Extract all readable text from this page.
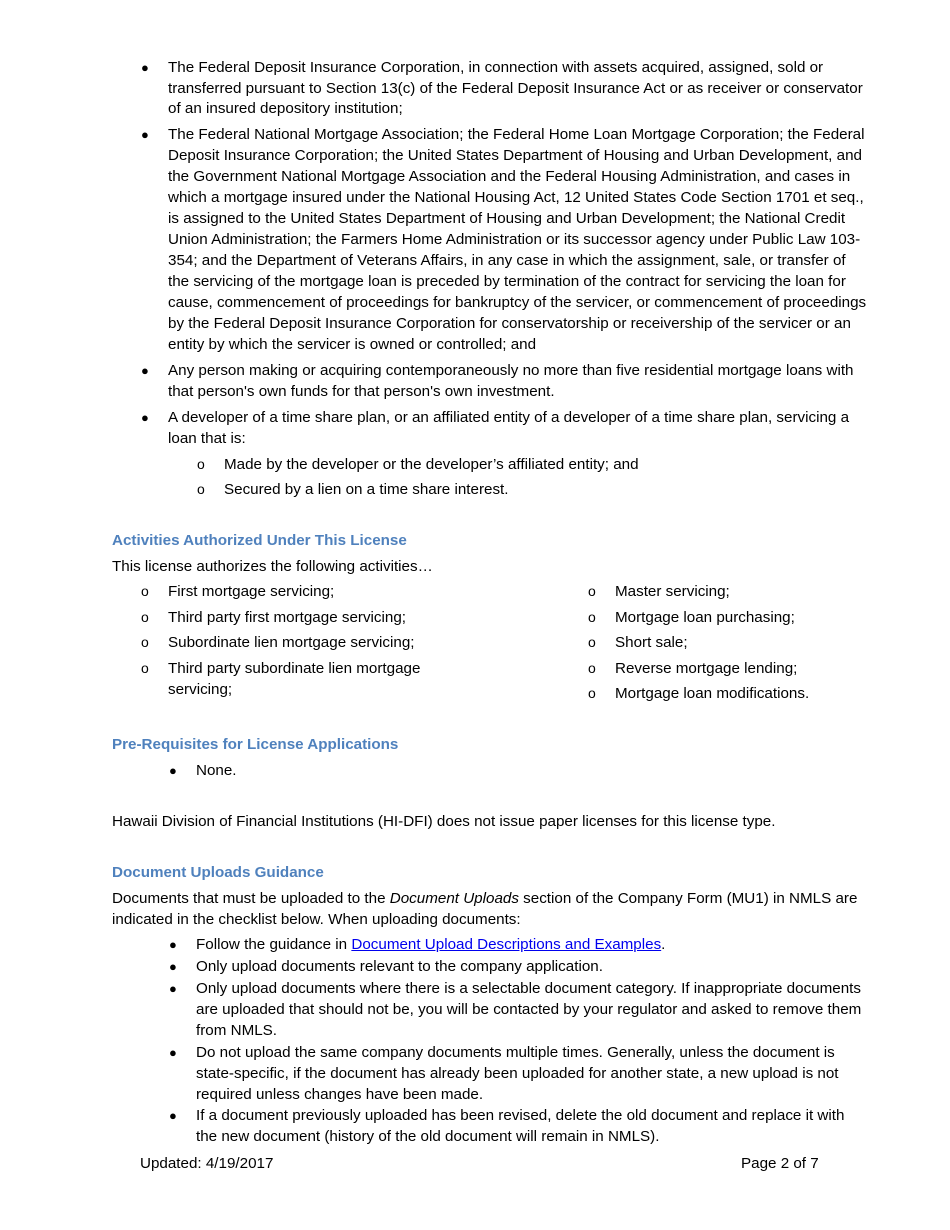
● The Federal Deposit Insurance Corporation, in connection with assets acquired, assigned, sold or
transferred pursuant to Section 13(c) of the Federal Deposit Insurance Act or as receiver or conservator
of an insured depository institution;
● The Federal National Mortgage Association; the Federal Home Loan Mortgage Corporation; the Federal
Deposit Insurance Corporation; the United States Department of Housing and Urban Development, and
the Government National Mortgage Association and the Federal Housing Administration, and cases in
which a mortgage insured under the National Housing Act, 12 United States Code Section 1701 et seq.,
is assigned to the United States Department of Housing and Urban Development; the National Credit
Union Administration; the Farmers Home Administration or its successor agency under Public Law 103-
354; and the Department of Veterans Affairs, in any case in which the assignment, sale, or transfer of
the servicing of the mortgage loan is preceded by termination of the contract for servicing the loan for
cause, commencement of proceedings for bankruptcy of the servicer, or commencement of proceedings
by the Federal Deposit Insurance Corporation for conservatorship or receivership of the servicer or an
entity by which the servicer is owned or controlled; and
● Any person making or acquiring contemporaneously no more than five residential mortgage loans with
that person's own funds for that person's own investment.
● A developer of a time share plan, or an affiliated entity of a developer of a time share plan, servicing a
loan that is:
o Made by the developer or the developer’s affiliated entity; and
o Secured by a lien on a time share interest.
Activities Authorized Under This License
This license authorizes the following activities…
o First mortgage servicing;
o Third party first mortgage servicing;
o Subordinate lien mortgage servicing;
o Third party subordinate lien mortgage
servicing;
o Master servicing;
o Mortgage loan purchasing;
o Short sale;
o Reverse mortgage lending;
o Mortgage loan modifications.
Pre-Requisites for License Applications
● None.
Hawaii Division of Financial Institutions (HI-DFI) does not issue paper licenses for this license type.
Document Uploads Guidance
Documents that must be uploaded to the Document Uploads section of the Company Form (MU1) in NMLS are
indicated in the checklist below. When uploading documents:
● Follow the guidance in Document Upload Descriptions and Examples.
● Only upload documents relevant to the company application.
● Only upload documents where there is a selectable document category. If inappropriate documents
are uploaded that should not be, you will be contacted by your regulator and asked to remove them
from NMLS.
● Do not upload the same company documents multiple times. Generally, unless the document is
state-specific, if the document has already been uploaded for another state, a new upload is not
required unless changes have been made.
● If a document previously uploaded has been revised, delete the old document and replace it with
the new document (history of the old document will remain in NMLS).
Updated: 4/19/2017	Page 2 of 7
